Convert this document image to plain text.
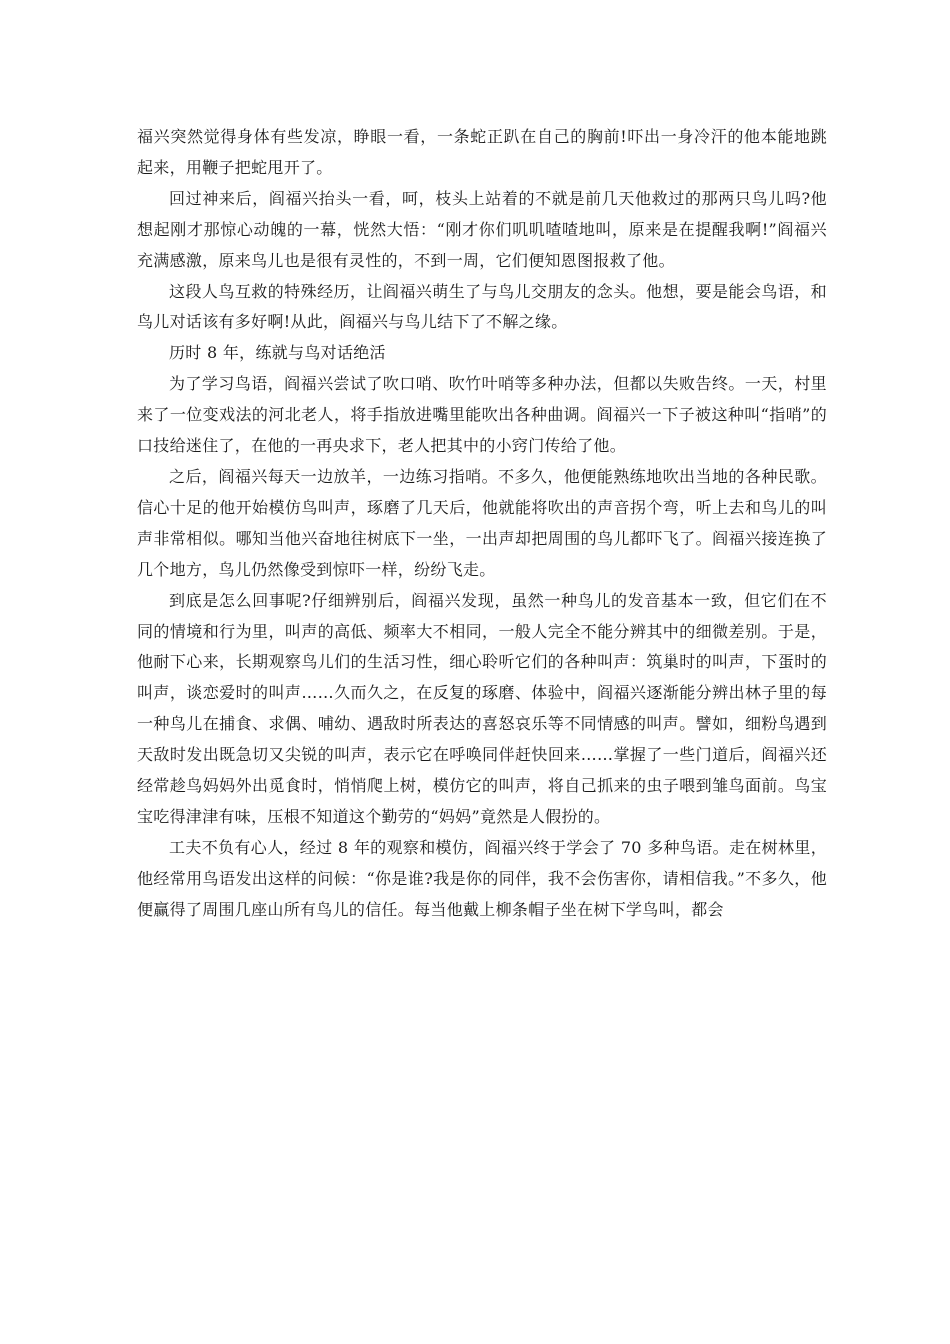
福兴突然觉得身体有些发凉，睁眼一看，一条蛇正趴在自己的胸前!吓出一身冷汗的他本能地跳起来，用鞭子把蛇甩开了。

回过神来后，阎福兴抬头一看，呵，枝头上站着的不就是前几天他救过的那两只鸟儿吗?他想起刚才那惊心动魄的一幕，恍然大悟：“刚才你们叽叽喳喳地叫，原来是在提醒我啊!”阎福兴充满感激，原来鸟儿也是很有灵性的，不到一周，它们便知恩图报救了他。

这段人鸟互救的特殊经历，让阎福兴萌生了与鸟儿交朋友的念头。他想，要是能会鸟语，和鸟儿对话该有多好啊!从此，阎福兴与鸟儿结下了不解之缘。

历时 8 年，练就与鸟对话绝活

为了学习鸟语，阎福兴尝试了吹口哨、吹竹叶哨等多种办法，但都以失败告终。一天，村里来了一位变戏法的河北老人，将手指放进嘴里能吹出各种曲调。阎福兴一下子被这种叫“指哨”的口技给迷住了，在他的一再央求下，老人把其中的小窍门传给了他。

之后，阎福兴每天一边放羊，一边练习指哨。不多久，他便能熟练地吹出当地的各种民歌。信心十足的他开始模仿鸟叫声，琢磨了几天后，他就能将吹出的声音拐个弯，听上去和鸟儿的叫声非常相似。哪知当他兴奋地往树底下一坐，一出声却把周围的鸟儿都吓飞了。阎福兴接连换了几个地方，鸟儿仍然像受到惊吓一样，纷纷飞走。

到底是怎么回事呢?仔细辨别后，阎福兴发现，虽然一种鸟儿的发音基本一致，但它们在不同的情境和行为里，叫声的高低、频率大不相同，一般人完全不能分辨其中的细微差别。于是，他耐下心来，长期观察鸟儿们的生活习性，细心聆听它们的各种叫声：筑巢时的叫声，下蛋时的叫声，谈恋爱时的叫声……久而久之，在反复的琢磨、体验中，阎福兴逐渐能分辨出林子里的每一种鸟儿在捕食、求偶、哺幼、遇敌时所表达的喜怒哀乐等不同情感的叫声。譬如，细粉鸟遇到天敌时发出既急切又尖锐的叫声，表示它在呼唤同伴赶快回来……掌握了一些门道后，阎福兴还经常趁鸟妈妈外出觅食时，悄悄爬上树，模仿它的叫声，将自己抓来的虫子喂到雏鸟面前。鸟宝宝吃得津津有味，压根不知道这个勤劳的“妈妈”竟然是人假扮的。

工夫不负有心人，经过 8 年的观察和模仿，阎福兴终于学会了 70 多种鸟语。走在树林里，他经常用鸟语发出这样的问候：“你是谁?我是你的同伴，我不会伤害你，请相信我。”不多久，他便赢得了周围几座山所有鸟儿的信任。每当他戴上柳条帽子坐在树下学鸟叫，都会
